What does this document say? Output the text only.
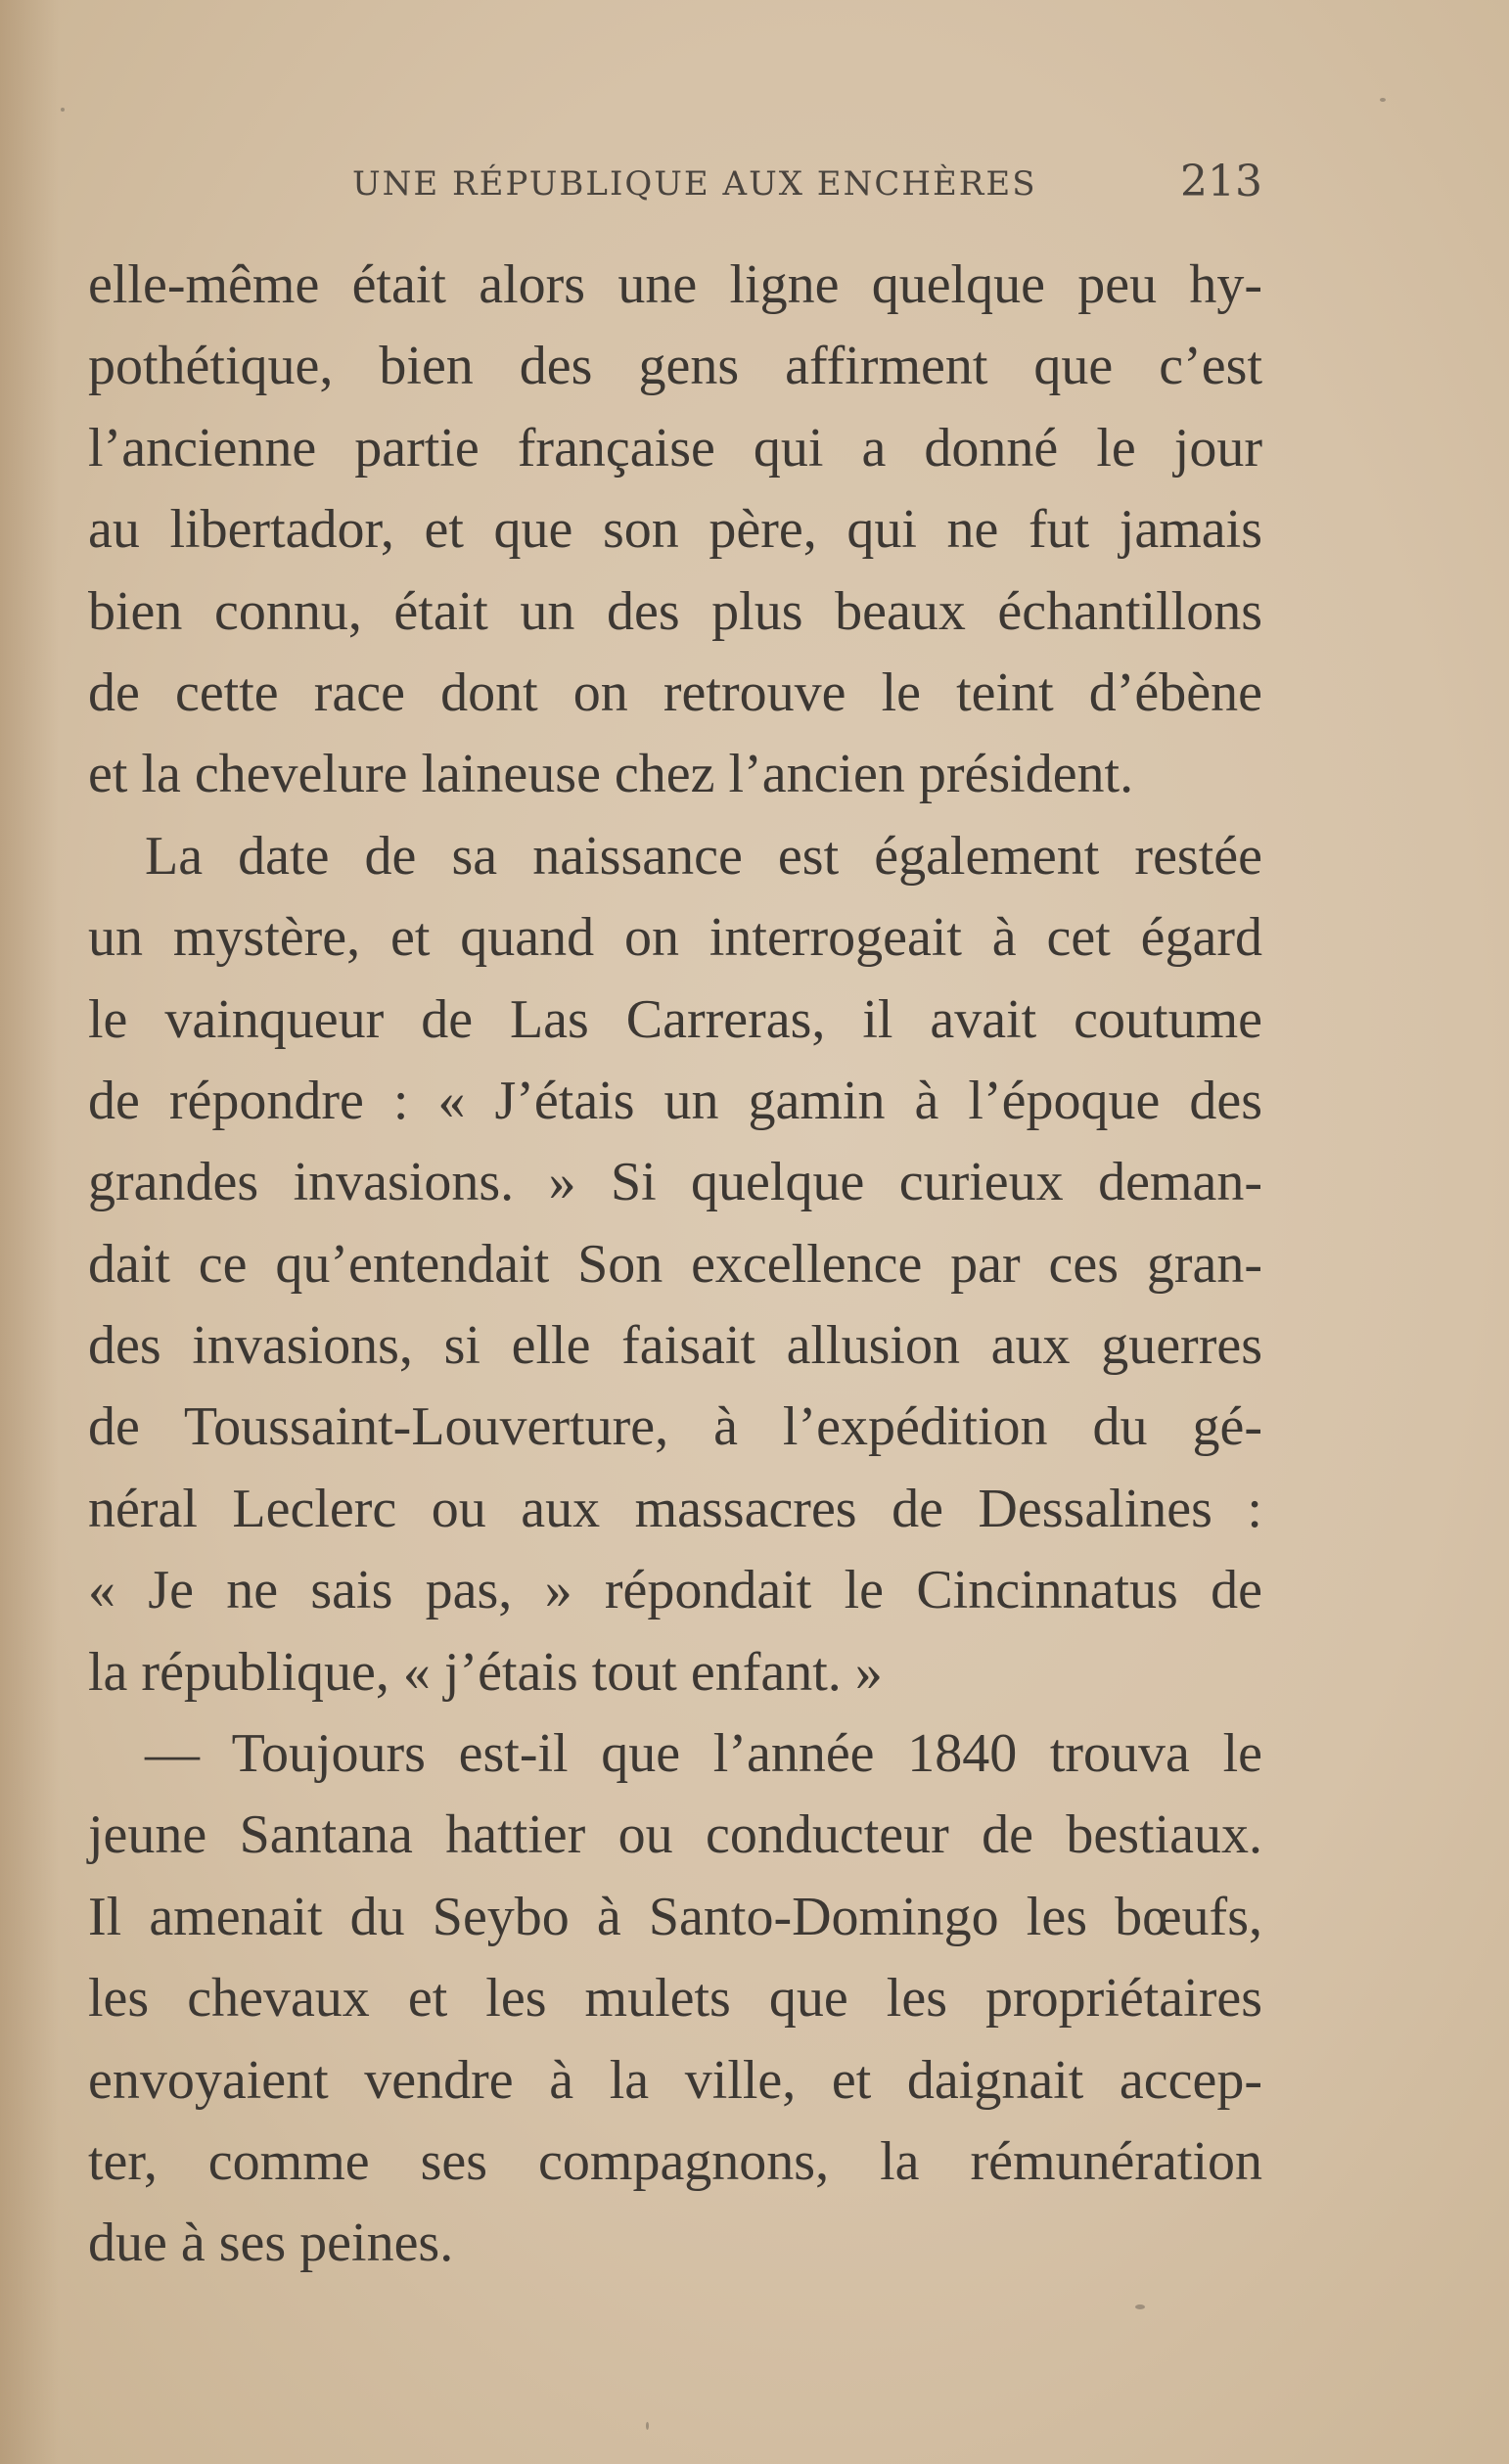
UNE RÉPUBLIQUE AUX ENCHÈRES	213
elle-même était alors une ligne quelque peu hy-
pothétique, bien des gens affirment que c’est
l’ancienne partie française qui a donné le jour
au libertador, et que son père, qui ne fut jamais
bien connu, était un des plus beaux échantillons
de cette race dont on retrouve le teint d’ébène
et la chevelure laineuse chez l’ancien président.
La date de sa naissance est également restée
un mystère, et quand on interrogeait à cet égard
le vainqueur de Las Carreras, il avait coutume
de répondre : « J’étais un gamin à l’époque des
grandes invasions. » Si quelque curieux deman-
dait ce qu’entendait Son excellence par ces gran-
des invasions, si elle faisait allusion aux guerres
de Toussaint-Louverture, à l’expédition du gé-
néral Leclerc ou aux massacres de Dessalines :
« Je ne sais pas, » répondait le Cincinnatus de
la république, « j’étais tout enfant. »
— Toujours est-il que l’année 1840 trouva le
jeune Santana hattier ou conducteur de bestiaux.
Il amenait du Seybo à Santo-Domingo les bœufs,
les chevaux et les mulets que les propriétaires
envoyaient vendre à la ville, et daignait accep-
ter, comme ses compagnons, la rémunération
due à ses peines.
